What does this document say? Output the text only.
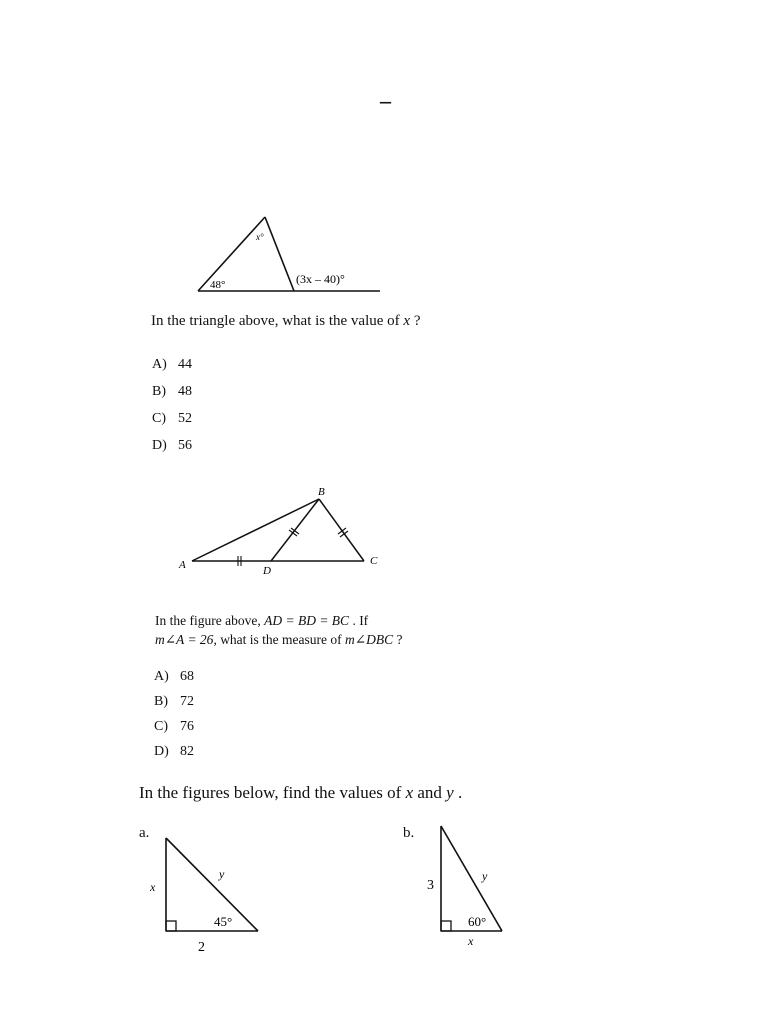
–
48°
x°
(3x – 40)°
In the triangle above, what is the value of x ?
A) 44
B) 48
C) 52
D) 56
A
B
C
D
In the figure above, AD = BD = BC . If
m∠A = 26, what is the measure of m∠DBC ?
A) 68
B) 72
C) 76
D) 82
In the figures below, find the values of x and y .
a.
x
y
45°
2
b.
3
y
60°
x
